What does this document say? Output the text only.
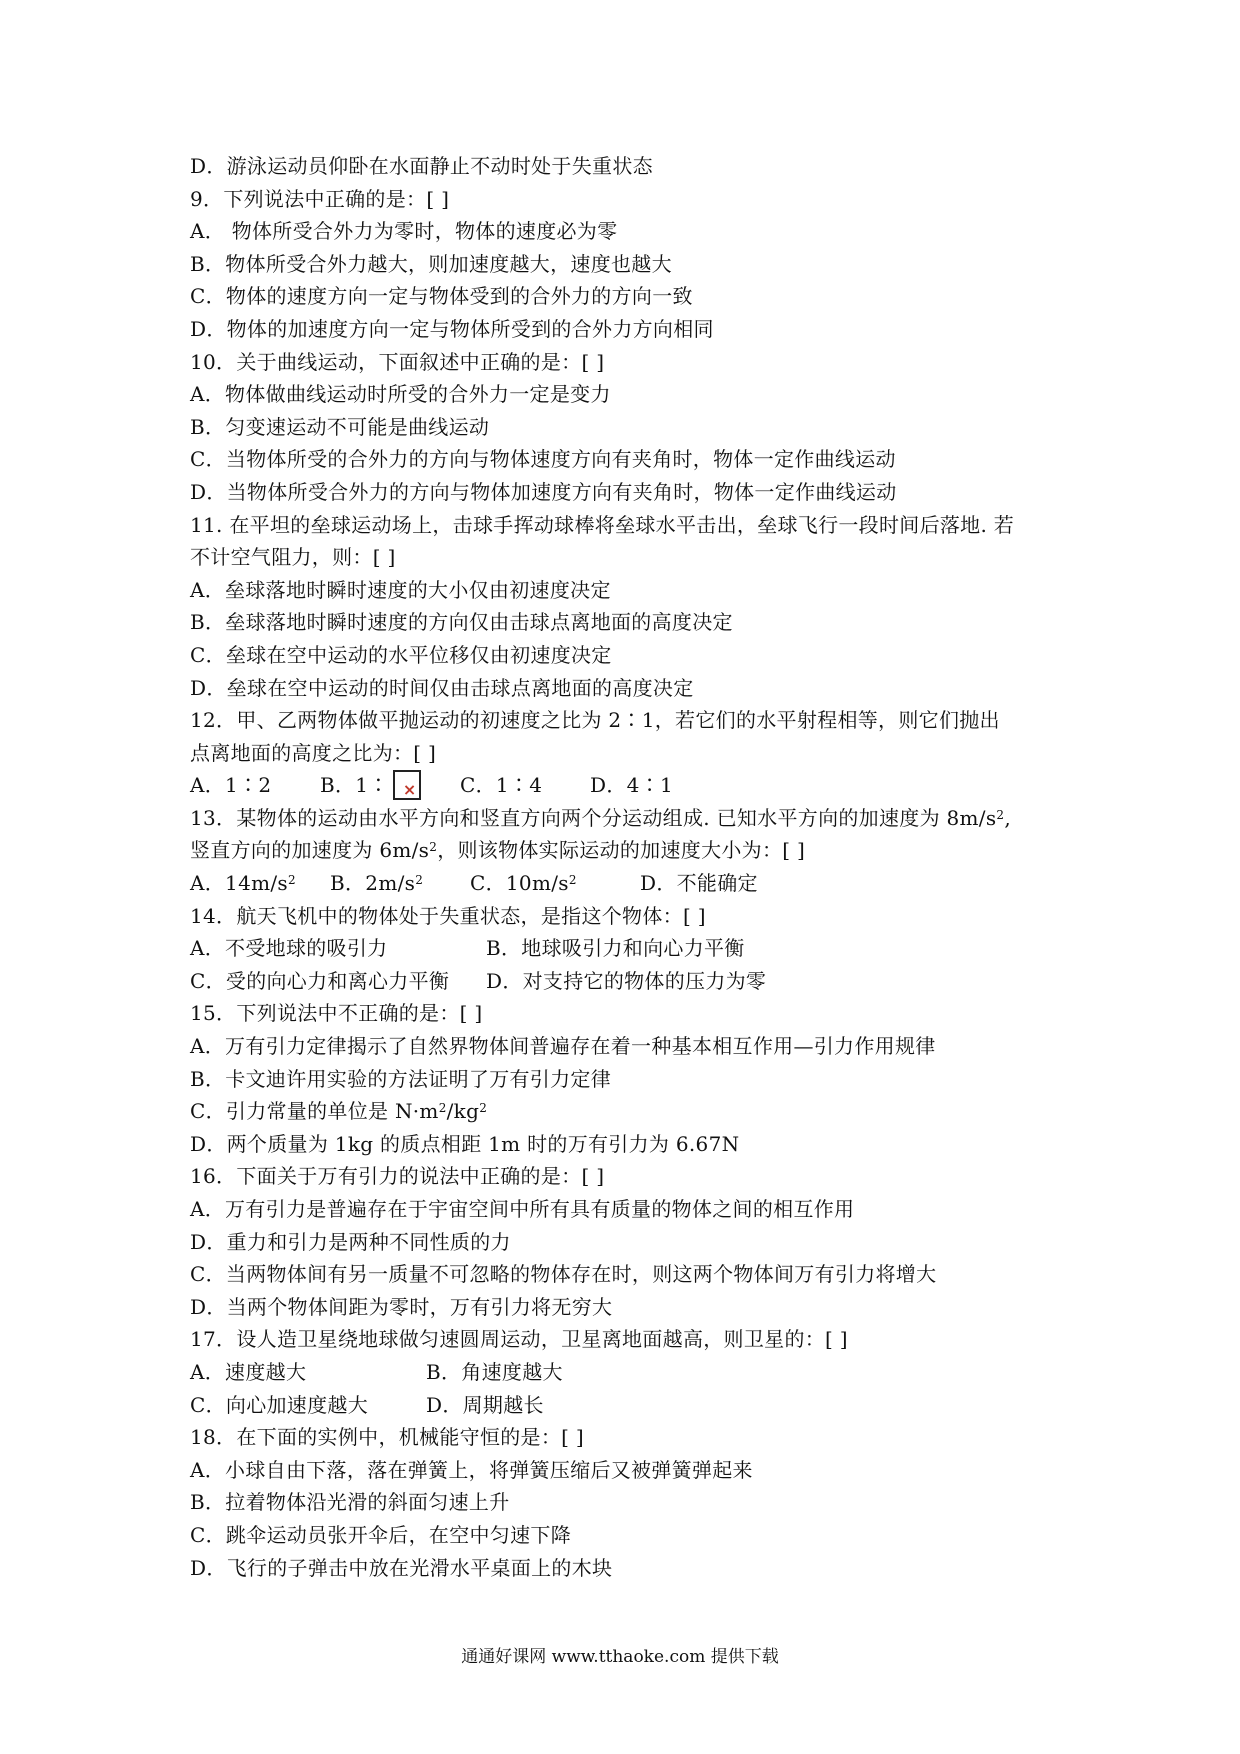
D．游泳运动员仰卧在水面静止不动时处于失重状态
9．下列说法中正确的是：[ ]
A． 物体所受合外力为零时，物体的速度必为零
B．物体所受合外力越大，则加速度越大，速度也越大
C．物体的速度方向一定与物体受到的合外力的方向一致
D．物体的加速度方向一定与物体所受到的合外力方向相同
10．关于曲线运动，下面叙述中正确的是：[ ]
A．物体做曲线运动时所受的合外力一定是变力
B．匀变速运动不可能是曲线运动
C．当物体所受的合外力的方向与物体速度方向有夹角时，物体一定作曲线运动
D．当物体所受合外力的方向与物体加速度方向有夹角时，物体一定作曲线运动
11. 在平坦的垒球运动场上，击球手挥动球棒将垒球水平击出，垒球飞行一段时间后落地. 若
不计空气阻力，则：[ ]
A．垒球落地时瞬时速度的大小仅由初速度决定
B．垒球落地时瞬时速度的方向仅由击球点离地面的高度决定
C．垒球在空中运动的水平位移仅由初速度决定
D．垒球在空中运动的时间仅由击球点离地面的高度决定
12．甲、乙两物体做平抛运动的初速度之比为 2∶1，若它们的水平射程相等，则它们抛出
点离地面的高度之比为：[ ]
A．1∶2	B．1∶ × C．1∶4	D．4∶1
13．某物体的运动由水平方向和竖直方向两个分运动组成. 已知水平方向的加速度为 $8m/s^2$,
竖直方向的加速度为 $6m/s^2$，则该物体实际运动的加速度大小为：[ ]
A．$14m/s^2$	B．$2m/s^2$	C．$10m/s^2$	D．不能确定
14．航天飞机中的物体处于失重状态，是指这个物体：[ ]
A．不受地球的吸引力	B．地球吸引力和向心力平衡
C．受的向心力和离心力平衡	D．对支持它的物体的压力为零
15．下列说法中不正确的是：[ ]
A．万有引力定律揭示了自然界物体间普遍存在着一种基本相互作用—引力作用规律
B．卡文迪许用实验的方法证明了万有引力定律
C．引力常量的单位是 $N\cdot m^2/kg^2$
D．两个质量为 1kg 的质点相距 1m 时的万有引力为 6.67N
16．下面关于万有引力的说法中正确的是：[ ]
A．万有引力是普遍存在于宇宙空间中所有具有质量的物体之间的相互作用
D．重力和引力是两种不同性质的力
C．当两物体间有另一质量不可忽略的物体存在时，则这两个物体间万有引力将增大
D．当两个物体间距为零时，万有引力将无穷大
17．设人造卫星绕地球做匀速圆周运动，卫星离地面越高，则卫星的：[ ]
A．速度越大	B．角速度越大
C．向心加速度越大	D．周期越长
18．在下面的实例中，机械能守恒的是：[ ]
A．小球自由下落，落在弹簧上，将弹簧压缩后又被弹簧弹起来
B．拉着物体沿光滑的斜面匀速上升
C．跳伞运动员张开伞后，在空中匀速下降
D．飞行的子弹击中放在光滑水平桌面上的木块
通通好课网 www.tthaoke.com 提供下载
